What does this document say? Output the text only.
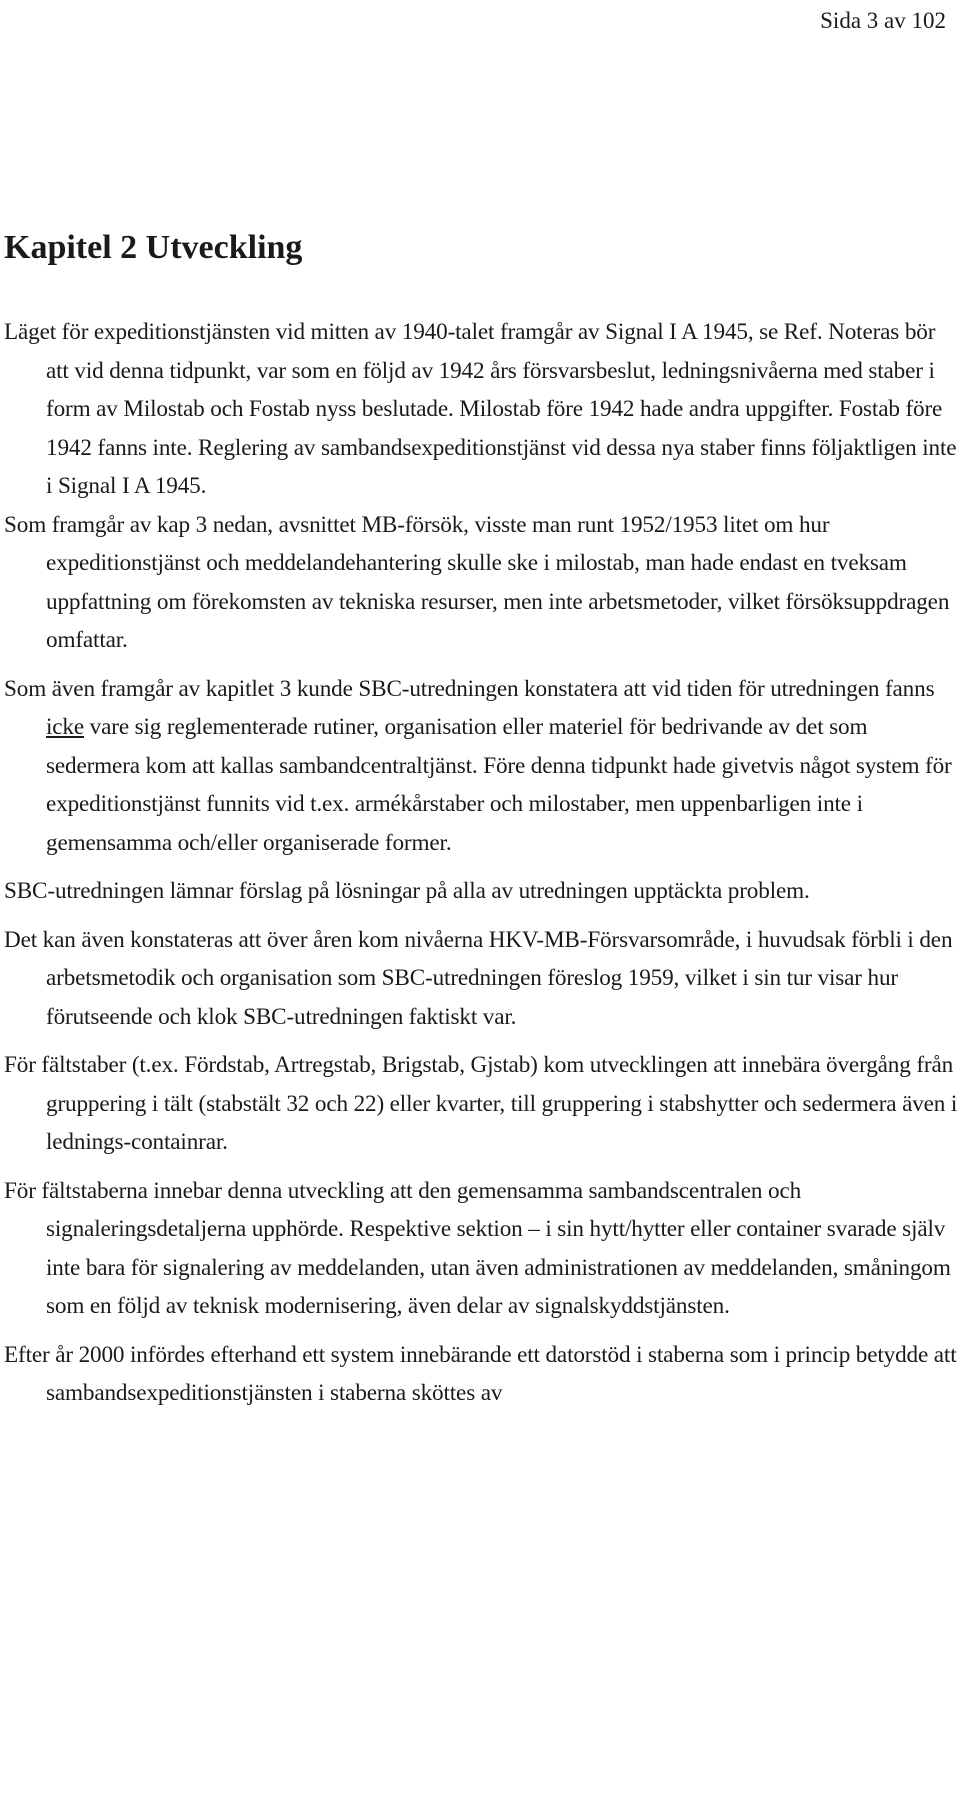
Sida 3 av 102
Kapitel 2 Utveckling

Läget för expeditionstjänsten vid mitten av 1940-talet framgår av Signal I A 1945, se Ref. Noteras bör att vid denna tidpunkt, var som en följd av 1942 års försvarsbeslut, ledningsnivåerna med staber i form av Milostab och Fostab nyss beslutade. Milostab före 1942 hade andra uppgifter. Fostab före 1942 fanns inte. Reglering av sambandsexpeditionstjänst vid dessa nya staber finns följaktligen inte i Signal I A 1945.

Som framgår av kap 3 nedan, avsnittet MB-försök, visste man runt 1952/1953 litet om hur expeditionstjänst och meddelandehantering skulle ske i milostab, man hade endast en tveksam uppfattning om förekomsten av tekniska resurser, men inte arbetsmetoder, vilket försöksuppdragen omfattar.

Som även framgår av kapitlet 3 kunde SBC-utredningen konstatera att vid tiden för utredningen fanns icke vare sig reglementerade rutiner, organisation eller materiel för bedrivande av det som sedermera kom att kallas sambandcentraltjänst. Före denna tidpunkt hade givetvis något system för expeditionstjänst funnits vid t.ex. armékårstaber och milostaber, men uppenbarligen inte i gemensamma och/eller organiserade former.

SBC-utredningen lämnar förslag på lösningar på alla av utredningen upptäckta problem.

Det kan även konstateras att över åren kom nivåerna HKV-MB-Försvarsområde, i huvudsak förbli i den arbetsmetodik och organisation som SBC-utredningen föreslog 1959, vilket i sin tur visar hur förutseende och klok SBC-utredningen faktiskt var.

För fältstaber (t.ex. Fördstab, Artregstab, Brigstab, Gjstab) kom utvecklingen att innebära övergång från gruppering i tält (stabstält 32 och 22) eller kvarter, till gruppering i stabshytter och sedermera även i lednings-containrar.

För fältstaberna innebar denna utveckling att den gemensamma sambandscentralen och signaleringsdetaljerna upphörde. Respektive sektion – i sin hytt/hytter eller container svarade själv inte bara för signalering av meddelanden, utan även administrationen av meddelanden, småningom som en följd av teknisk modernisering, även delar av signalskyddstjänsten.

Efter år 2000 infördes efterhand ett system innebärande ett datorstöd i staberna som i princip betydde att sambandsexpeditionstjänsten i staberna sköttes av
